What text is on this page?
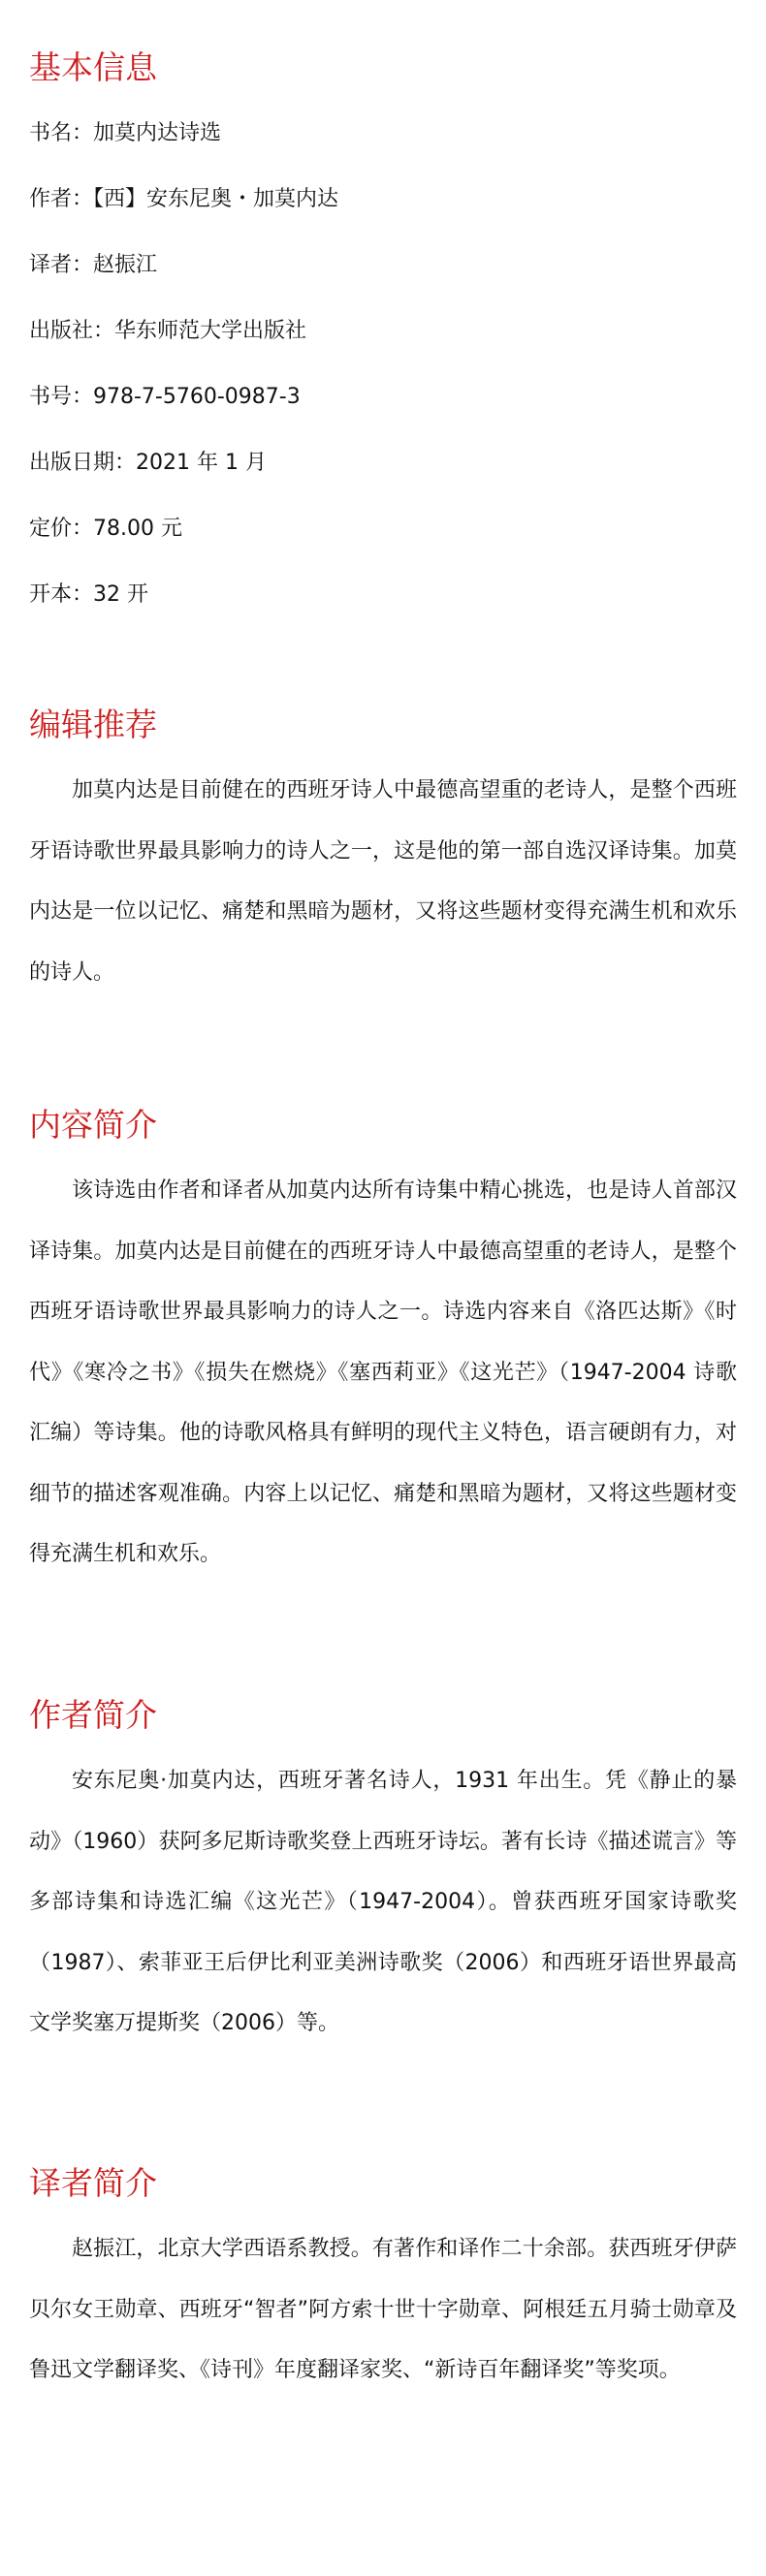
基本信息
书名：加莫内达诗选
作者：【西】安东尼奥・加莫内达
译者：赵振江
出版社：华东师范大学出版社
书号：978-7-5760-0987-3
出版日期：2021 年 1 月
定价：78.00 元
开本：32 开
编辑推荐

加莫内达是目前健在的西班牙诗人中最德高望重的老诗人，是整个西班牙语诗歌世界最具影响力的诗人之一，这是他的第一部自选汉译诗集。加莫内达是一位以记忆、痛楚和黑暗为题材，又将这些题材变得充满生机和欢乐的诗人。

内容简介

该诗选由作者和译者从加莫内达所有诗集中精心挑选，也是诗人首部汉译诗集。加莫内达是目前健在的西班牙诗人中最德高望重的老诗人，是整个西班牙语诗歌世界最具影响力的诗人之一。诗选内容来自《洛匹达斯》《时代》《寒冷之书》《损失在燃烧》《塞西莉亚》《这光芒》（1947-2004 诗歌汇编）等诗集。他的诗歌风格具有鲜明的现代主义特色，语言硬朗有力，对细节的描述客观准确。内容上以记忆、痛楚和黑暗为题材，又将这些题材变得充满生机和欢乐。

作者简介

安东尼奥·加莫内达，西班牙著名诗人，1931 年出生。凭《静止的暴动》（1960）获阿多尼斯诗歌奖登上西班牙诗坛。著有长诗《描述谎言》等多部诗集和诗选汇编《这光芒》（1947-2004）。曾获西班牙国家诗歌奖（1987）、索菲亚王后伊比利亚美洲诗歌奖（2006）和西班牙语世界最高文学奖塞万提斯奖（2006）等。

译者简介

赵振江，北京大学西语系教授。有著作和译作二十余部。获西班牙伊萨贝尔女王勋章、西班牙“智者”阿方索十世十字勋章、阿根廷五月骑士勋章及鲁迅文学翻译奖、《诗刊》年度翻译家奖、“新诗百年翻译奖”等奖项。
